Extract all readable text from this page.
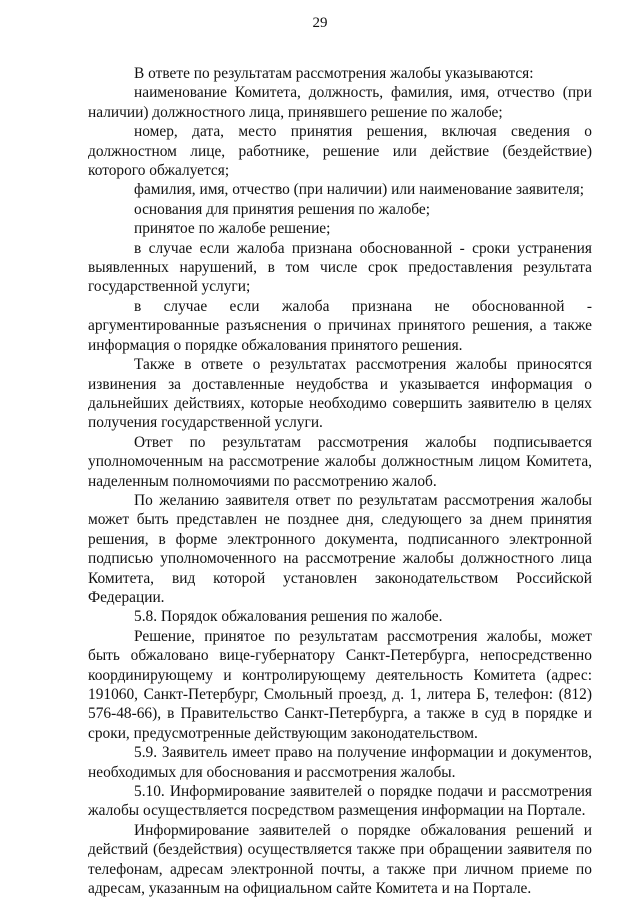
29

В ответе по результатам рассмотрения жалобы указываются:

наименование Комитета, должность, фамилия, имя, отчество (при наличии) должностного лица, принявшего решение по жалобе;

номер, дата, место принятия решения, включая сведения о должностном лице, работнике, решение или действие (бездействие) которого обжалуется;

фамилия, имя, отчество (при наличии) или наименование заявителя;

основания для принятия решения по жалобе;

принятое по жалобе решение;

в случае если жалоба признана обоснованной - сроки устранения выявленных нарушений, в том числе срок предоставления результата государственной услуги;

в случае если жалоба признана не обоснованной - аргументированные разъяснения о причинах принятого решения, а также информация о порядке обжалования принятого решения.

Также в ответе о результатах рассмотрения жалобы приносятся извинения за доставленные неудобства и указывается информация о дальнейших действиях, которые необходимо совершить заявителю в целях получения государственной услуги.

Ответ по результатам рассмотрения жалобы подписывается уполномоченным на рассмотрение жалобы должностным лицом Комитета, наделенным полномочиями по рассмотрению жалоб.

По желанию заявителя ответ по результатам рассмотрения жалобы может быть представлен не позднее дня, следующего за днем принятия решения, в форме электронного документа, подписанного электронной подписью уполномоченного на рассмотрение жалобы должностного лица Комитета, вид которой установлен законодательством Российской Федерации.

5.8. Порядок обжалования решения по жалобе.

Решение, принятое по результатам рассмотрения жалобы, может быть обжаловано вице-губернатору Санкт-Петербурга, непосредственно координирующему и контролирующему деятельность Комитета (адрес: 191060, Санкт-Петербург, Смольный проезд, д. 1, литера Б, телефон: (812) 576-48-66), в Правительство Санкт-Петербурга, а также в суд в порядке и сроки, предусмотренные действующим законодательством.

5.9. Заявитель имеет право на получение информации и документов, необходимых для обоснования и рассмотрения жалобы.

5.10. Информирование заявителей о порядке подачи и рассмотрения жалобы осуществляется посредством размещения информации на Портале.

Информирование заявителей о порядке обжалования решений и действий (бездействия) осуществляется также при обращении заявителя по телефонам, адресам электронной почты, а также при личном приеме по адресам, указанным на официальном сайте Комитета и на Портале.
